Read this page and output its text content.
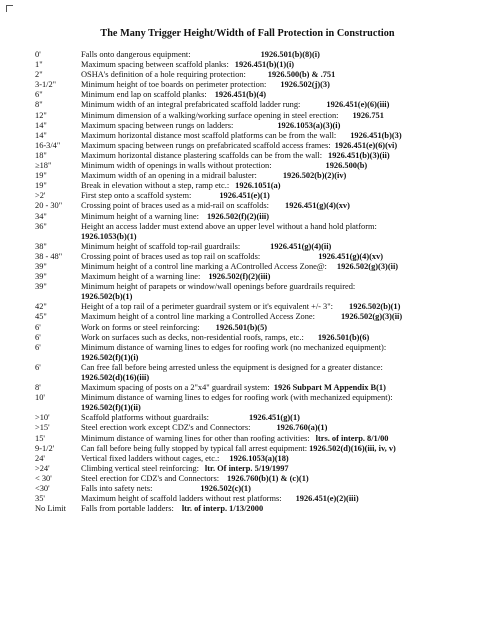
The Many Trigger Height/Width of Fall Protection in Construction
0'	Falls onto dangerous equipment:	1926.501(b)(8)(i)
1"	Maximum spacing between scaffold planks: 1926.451(b)(1)(i)
2"	OSHA's definition of a hole requiring protection:	1926.500(b) & .751
3-1/2"	Minimum height of toe boards on perimeter protection: 1926.502(j)(3)
6"	Minimum end lap on scaffold planks: 1926.451(b)(4)
8"	Minimum width of an integral prefabricated scaffold ladder rung:	1926.451(e)(6)(iii)
12"	Minimum dimension of a walking/working surface opening in steel erection: 1926.751
14"	Maximum spacing between rungs on ladders:	1926.1053(a)(3)(i)
14"	Maximum horizontal distance most scaffold platforms can be from the wall: 1926.451(b)(3)
16-3/4"	Maximum spacing between rungs on prefabricated scaffold access frames: 1926.451(e)(6)(vi)
18"	Maximum horizontal distance plastering scaffolds can be from the wall: 1926.451(b)(3)(ii)
≥18"	Minimum width of openings in walls without protection:	1926.500(b)
19"	Maximum width of an opening in a midrail baluster:	1926.502(b)(2)(iv)
19"	Break in elevation without a step, ramp etc.: 1926.1051(a)
>2'	First step onto a scaffold system:	1926.451(e)(1)
20 - 30"	Crossing point of braces used as a mid-rail on scaffolds: 1926.451(g)(4)(xv)
34"	Minimum height of a warning line: 1926.502(f)(2)(iii)
36"	Height an access ladder must extend above an upper level without a hand hold platform:
1926.1053(b)(1)
38"	Minimum height of scaffold top-rail guardrails:	1926.451(g)(4)(ii)
38 - 48"	Crossing point of braces used as top rail on scaffolds:	1926.451(g)(4)(xv)
39"	Minimum height of a control line marking a AControlled Access Zone@: 1926.502(g)(3)(ii)
39"	Maximum height of a warning line: 1926.502(f)(2)(iii)
39"	Minimum height of parapets or window/wall openings before guardrails required:
1926.502(b)(1)
42"	Height of a top rail of a perimeter guardrail system or it's equivalent +/- 3": 1926.502(b)(1)
45"	Maximum height of a control line marking a Controlled Access Zone:	1926.502(g)(3)(ii)
6'	Work on forms or steel reinforcing: 1926.501(b)(5)
6'	Work on surfaces such as decks, non-residential roofs, ramps, etc.: 1926.501(b)(6)
6'	Minimum distance of warning lines to edges for roofing work (no mechanized equipment):
1926.502(f)(1)(i)
6'	Can free fall before being arrested unless the equipment is designed for a greater distance:
1926.502(d)(16)(iii)
8'	Maximum spacing of posts on a 2"x4" guardrail system: 1926 Subpart M Appendix B(1)
10'	Minimum distance of warning lines to edges for roofing work (with mechanized equipment):
1926.502(f)(1)(ii)
>10'	Scaffold platforms without guardrails:	1926.451(g)(1)
>15'	Steel erection work except CDZ's and Connectors:	1926.760(a)(1)
15'	Minimum distance of warning lines for other than roofing activities: ltrs. of interp. 8/1/00
9-1/2'	Can fall before being fully stopped by typical fall arrest equipment: 1926.502(d)(16)(iii, iv, v)
24'	Vertical fixed ladders without cages, etc.: 1926.1053(a)(18)
>24'	Climbing vertical steel reinforcing: ltr. Of interp. 5/19/1997
< 30'	Steel erection for CDZ's and Connectors: 1926.760(b)(1) & (c)(1)
<30'	Falls into safety nets:	1926.502(c)(1)
35'	Maximum height of scaffold ladders without rest platforms: 1926.451(e)(2)(iii)
No Limit	Falls from portable ladders: ltr. of interp. 1/13/2000
